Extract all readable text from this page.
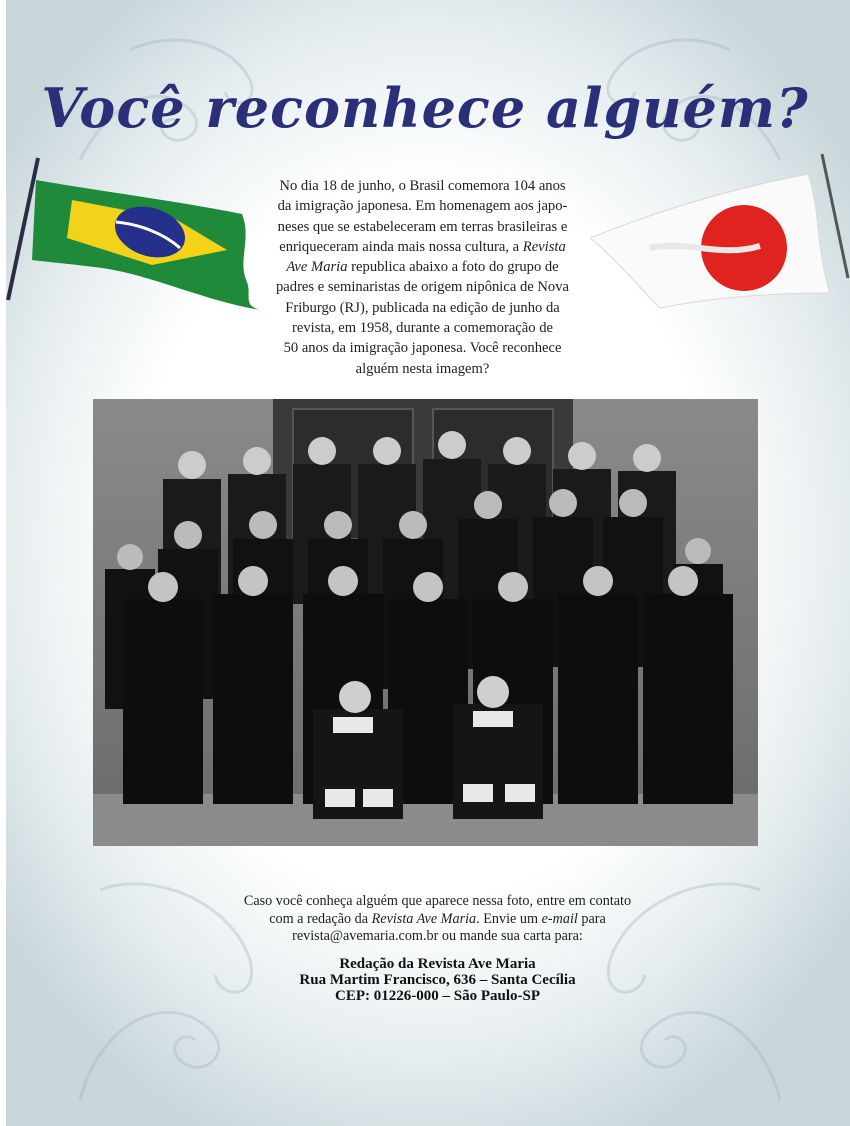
Você reconhece alguém?

No dia 18 de junho, o Brasil comemora 104 anos

da imigração japonesa. Em homenagem aos japo-

neses que se estabeleceram em terras brasileiras e

enriqueceram ainda mais nossa cultura, a Revista

Ave Maria republica abaixo a foto do grupo de

padres e seminaristas de origem nipônica de Nova

Friburgo (RJ), publicada na edição de junho da

revista, em 1958, durante a comemoração de

50 anos da imigração japonesa. Você reconhece

alguém nesta imagem?

Caso você conheça alguém que aparece nessa foto, entre em contato
com a redação da Revista Ave Maria. Envie um e-mail para
revista@avemaria.com.br ou mande sua carta para:
Redação da Revista Ave Maria
Rua Martim Francisco, 636 – Santa Cecília
CEP: 01226-000 – São Paulo-SP
